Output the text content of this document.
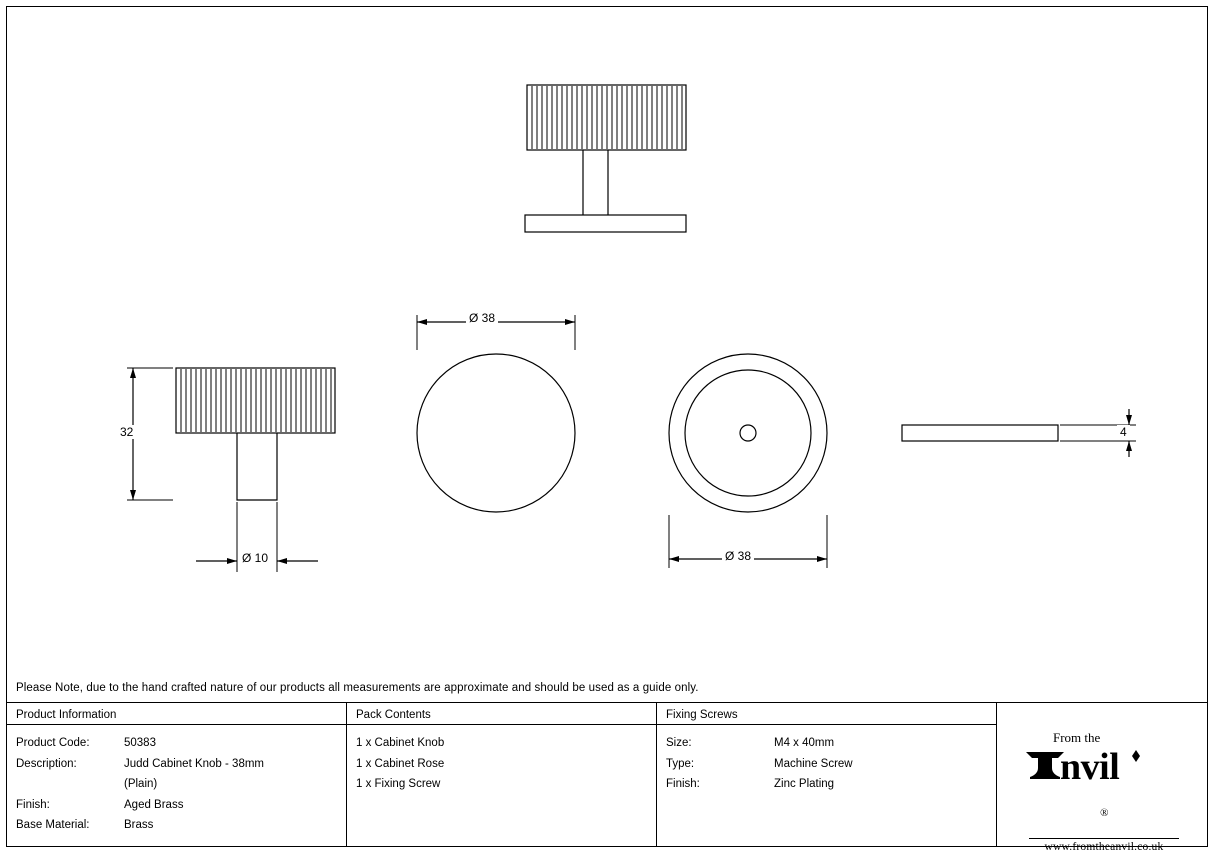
Ø 38
Ø 38
32
Ø 10
4
Please Note, due to the hand crafted nature of our products all measurements are approximate and should be used as a guide only.
Product Information
Product Code:	50383
Description:	Judd Cabinet Knob - 38mm
(Plain)
Finish:	Aged Brass
Base Material:	Brass
Pack Contents
1 x Cabinet Knob
1 x Cabinet Rose
1 x Fixing Screw
Fixing Screws
Size:	M4 x 40mm
Type:	Machine Screw
Finish:	Zinc Plating
From the
nvil
®
www.fromtheanvil.co.uk
